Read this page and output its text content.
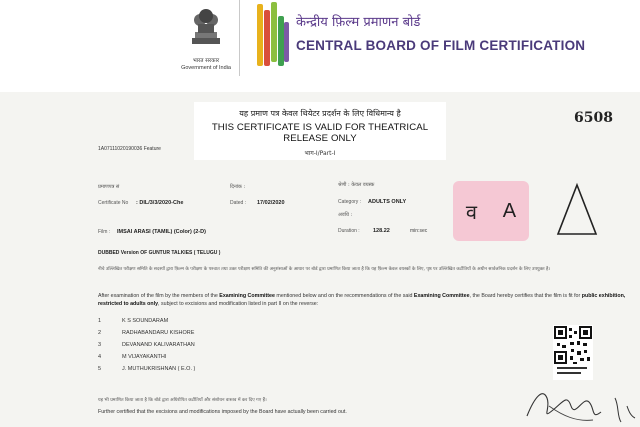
भारत सरकार
Government of India
केन्द्रीय फ़िल्म प्रमाणन बोर्ड
CENTRAL BOARD OF FILM CERTIFICATION
यह प्रमाण पत्र केवल थियेटर प्रदर्शन के लिए विधिमान्य है
THIS CERTIFICATE IS VALID FOR THEATRICAL RELEASE ONLY
भाग-I/Part-I
6508
1A07111020190036 Feature
प्रमाणपत्र सं
Certificate No : DIL/3/3/2020-Che
दिनांक :
Dated : 17/02/2020
श्रेणी : केवल वयस्क
Category : ADULTS ONLY
अवधि :
Duration : 128.22	min:sec
Film : IMSAI ARASI (TAMIL) (Color) (2-D)
व A
DUBBED Version OF GUNTUR TALKIES ( TELUGU )
नीचे उल्लिखित परीक्षण समिति के सदस्यों द्वारा फ़िल्म के परीक्षण के पश्चात तथा उक्त परीक्षण समिति की अनुशंसाओं के आधार पर बोर्ड द्वारा प्रमाणित किया जाता है कि यह फ़िल्म केवल वयस्कों के लिए, पृष्ठ पर उल्लिखित कटौतियों के अधीन सार्वजनिक प्रदर्शन के लिए उपयुक्त है।
After examination of the film by the members of the Examining Committee mentioned below and on the recommendations of the said Examining Committee, the Board hereby certifies that the film is fit for public exhibition, restricted to adults only, subject to excisions and modification listed in part II on the reverse:
1	K S SOUNDARAM
2	RADHABANDARU KISHORE
3	DEVANAND KALIVARATHAN
4	M VIJAYAKANTHI
5	J. MUTHUKRISHNAN ( E.O. )
यह भी प्रमाणित किया जाता है कि बोर्ड द्वारा अधिरोपित कटौतियाँ और संशोधन वास्तव में कर दिए गए हैं।
Further certified that the excisions and modifications imposed by the Board have actually been carried out.
